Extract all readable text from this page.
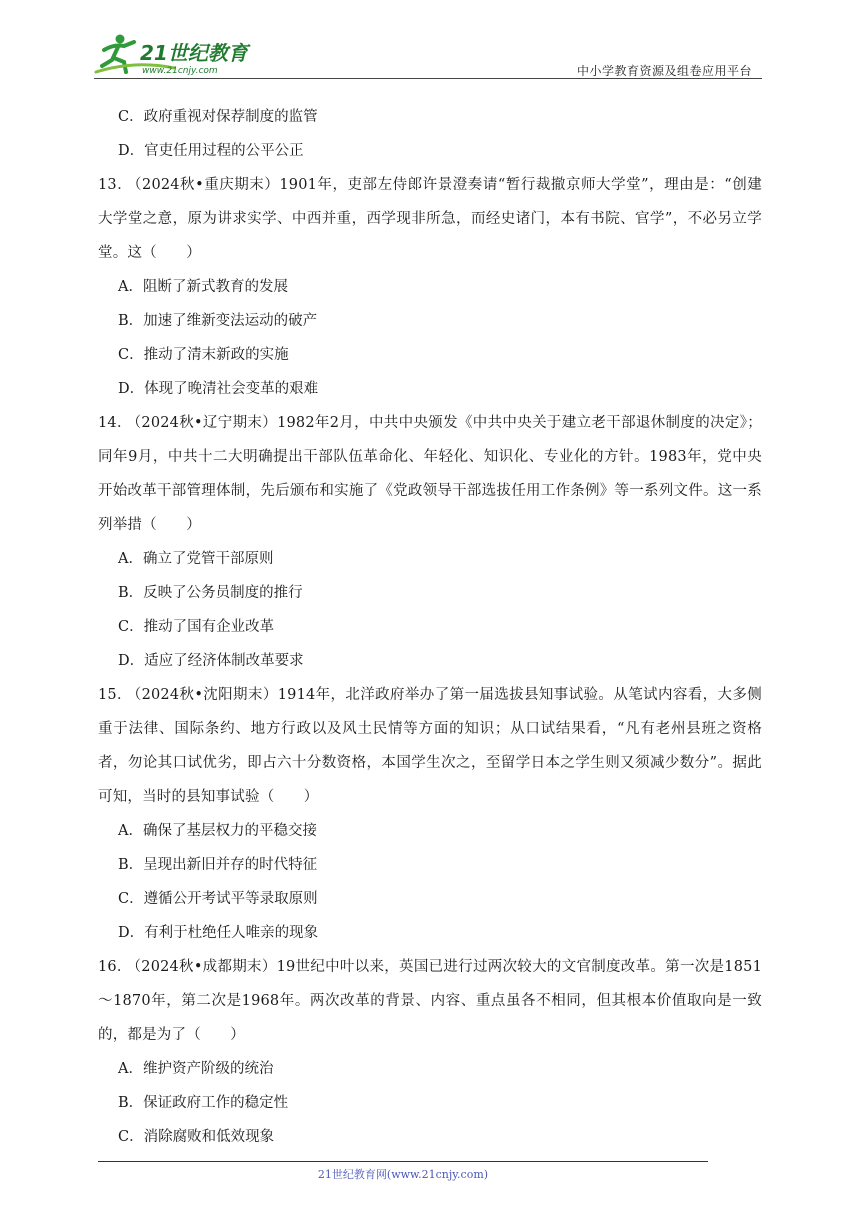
21世纪教育
www.21cnjy.com	中小学教育资源及组卷应用平台
C．政府重视对保荐制度的监管
D．官吏任用过程的公平公正
13． （2024秋•重庆期末）1901年，吏部左侍郎许景澄奏请“暂行裁撤京师大学堂”，理由是：“创建大学堂之意，原为讲求实学、中西并重，西学现非所急，而经史诸门，本有书院、官学”，不必另立学堂。这（　　）
A．阻断了新式教育的发展
B．加速了维新变法运动的破产
C．推动了清末新政的实施
D．体现了晚清社会变革的艰难
14． （2024秋•辽宁期末）1982年2月，中共中央颁发《中共中央关于建立老干部退休制度的决定》；同年9月，中共十二大明确提出干部队伍革命化、年轻化、知识化、专业化的方针。1983年，党中央开始改革干部管理体制，先后颁布和实施了《党政领导干部选拔任用工作条例》等一系列文件。这一系列举措（　　）
A．确立了党管干部原则
B．反映了公务员制度的推行
C．推动了国有企业改革
D．适应了经济体制改革要求
15． （2024秋•沈阳期末）1914年，北洋政府举办了第一届选拔县知事试验。从笔试内容看，大多侧重于法律、国际条约、地方行政以及风土民情等方面的知识；从口试结果看，“凡有老州县班之资格者，勿论其口试优劣，即占六十分数资格，本国学生次之，至留学日本之学生则又须减少数分”。据此可知，当时的县知事试验（　　）
A．确保了基层权力的平稳交接
B．呈现出新旧并存的时代特征
C．遵循公开考试平等录取原则
D．有利于杜绝任人唯亲的现象
16． （2024秋•成都期末）19世纪中叶以来，英国已进行过两次较大的文官制度改革。第一次是1851～1870年，第二次是1968年。两次改革的背景、内容、重点虽各不相同，但其根本价值取向是一致的，都是为了（　　）
A．维护资产阶级的统治
B．保证政府工作的稳定性
C．消除腐败和低效现象
21世纪教育网(www.21cnjy.com)
